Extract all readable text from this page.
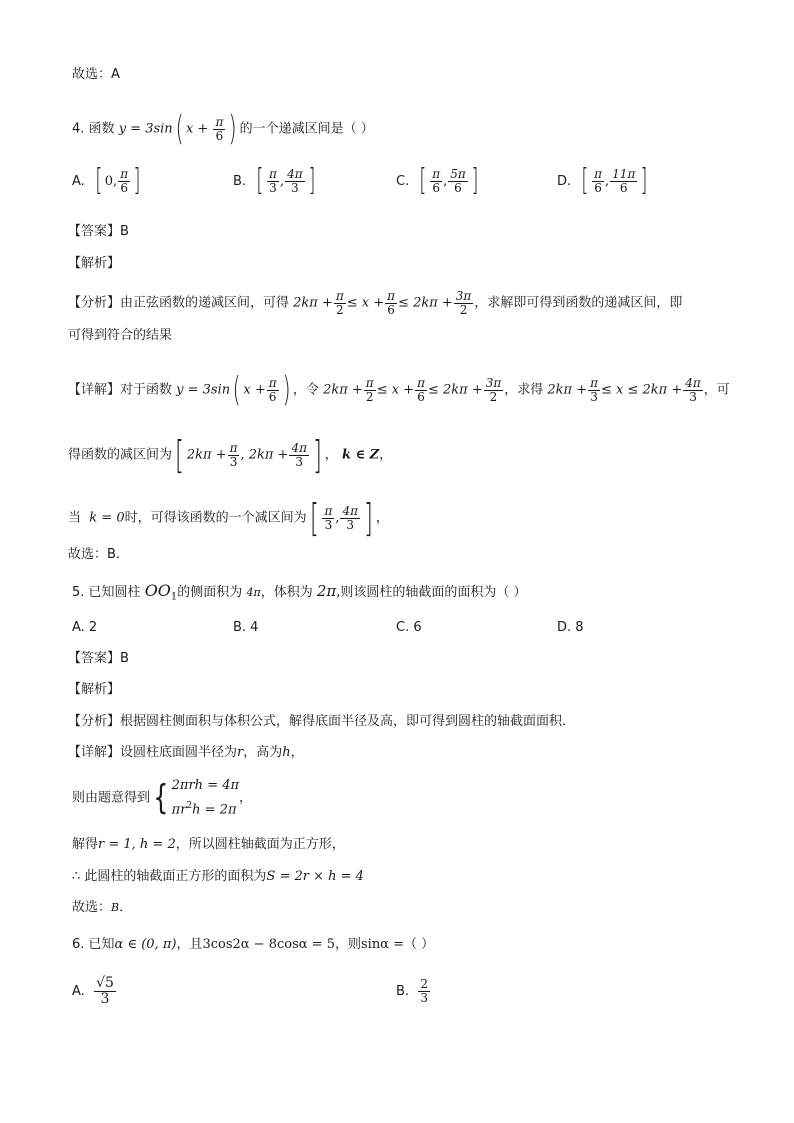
故选：A
4. 函数 y = 3sin( $x + \frac{\pi}{6}$ ) 的一个递减区间是（ ）
A.
[ 0, $\frac{\pi}{6}$ ]	B.
[ $\frac{\pi}{3}$ , $\frac{4\pi}{3}$ ]	C.
[ $\frac{\pi}{6}$ , $\frac{5\pi}{6}$ ]	D.
[ $\frac{\pi}{6}$ , $\frac{11\pi}{6}$ ]
【答案】B
【解析】
【分析】由正弦函数的递减区间，可得 $2k\pi + \frac{\pi}{2} \le x + \frac{\pi}{6} \le 2k\pi + \frac{3\pi}{2}$ ，求解即可得到函数的递减区间，即
可得到符合的结果
【详解】对于函数 y = 3sin( $x + \frac{\pi}{6}$ ) ，令 $2k\pi + \frac{\pi}{2} \le x + \frac{\pi}{6} \le 2k\pi + \frac{3\pi}{2}$ ，求得 $2k\pi + \frac{\pi}{3} \le x \le 2k\pi + \frac{4\pi}{3}$ ，可
得函数的减区间为[ $2k\pi + \frac{\pi}{3}$ , $2k\pi + \frac{4\pi}{3}$ ] ， k ∈ Z，
当 k = 0时，可得该函数的一个减区间为[ $\frac{\pi}{3}$ , $\frac{4\pi}{3}$ ] ，
故选：B.
5. 已知圆柱 $OO_1$的侧面积为 4π，体积为 2π,则该圆柱的轴截面的面积为（ ）
A. 2	B. 4	C. 6	D. 8
【答案】B
【解析】
【分析】根据圆柱侧面积与体积公式，解得底面半径及高，即可得到圆柱的轴截面面积．
【详解】设圆柱底面圆半径为r，高为h，
则由题意得到{ 2πrh = 4π
$\pi r^2h = 2\pi$
，
解得r = 1, h = 2，所以圆柱轴截面为正方形，
∴ 此圆柱的轴截面正方形的面积为S = 2r × h = 4
故选：B．
6. 已知α ∈ (0, π)，且3cos2α − 8cosα = 5，则sinα =（ ）
A.
$\frac{√5}{3}$	B.
$\frac{2}{3}$
